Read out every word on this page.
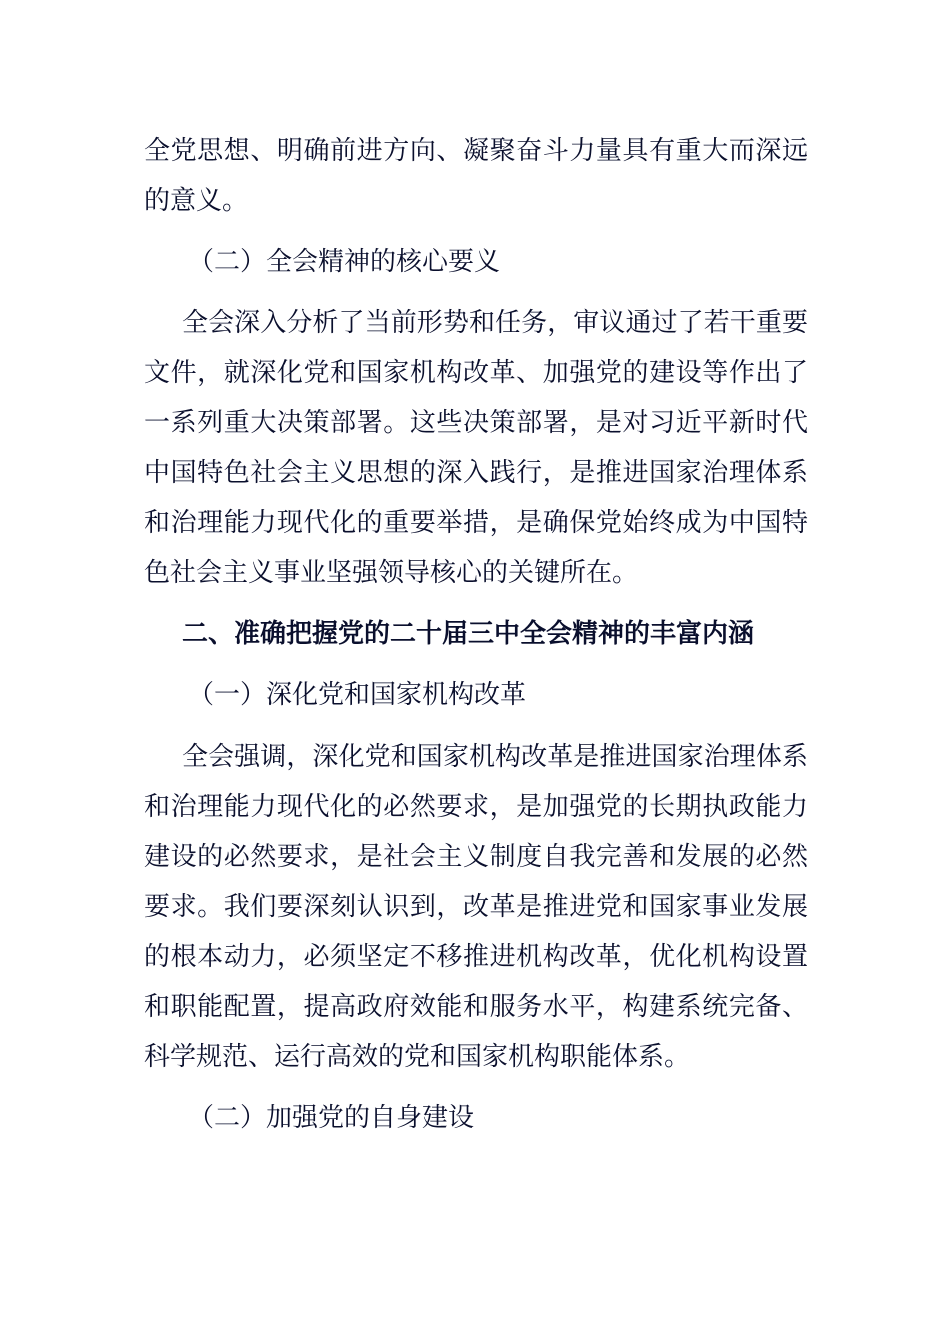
全党思想、明确前进方向、凝聚奋斗力量具有重大而深远
的意义。
（二）全会精神的核心要义
全会深入分析了当前形势和任务，审议通过了若干重要
文件，就深化党和国家机构改革、加强党的建设等作出了
一系列重大决策部署。这些决策部署，是对习近平新时代
中国特色社会主义思想的深入践行，是推进国家治理体系
和治理能力现代化的重要举措，是确保党始终成为中国特
色社会主义事业坚强领导核心的关键所在。
二、准确把握党的二十届三中全会精神的丰富内涵
（一）深化党和国家机构改革
全会强调，深化党和国家机构改革是推进国家治理体系
和治理能力现代化的必然要求，是加强党的长期执政能力
建设的必然要求，是社会主义制度自我完善和发展的必然
要求。我们要深刻认识到，改革是推进党和国家事业发展
的根本动力，必须坚定不移推进机构改革，优化机构设置
和职能配置，提高政府效能和服务水平，构建系统完备、
科学规范、运行高效的党和国家机构职能体系。
（二）加强党的自身建设
